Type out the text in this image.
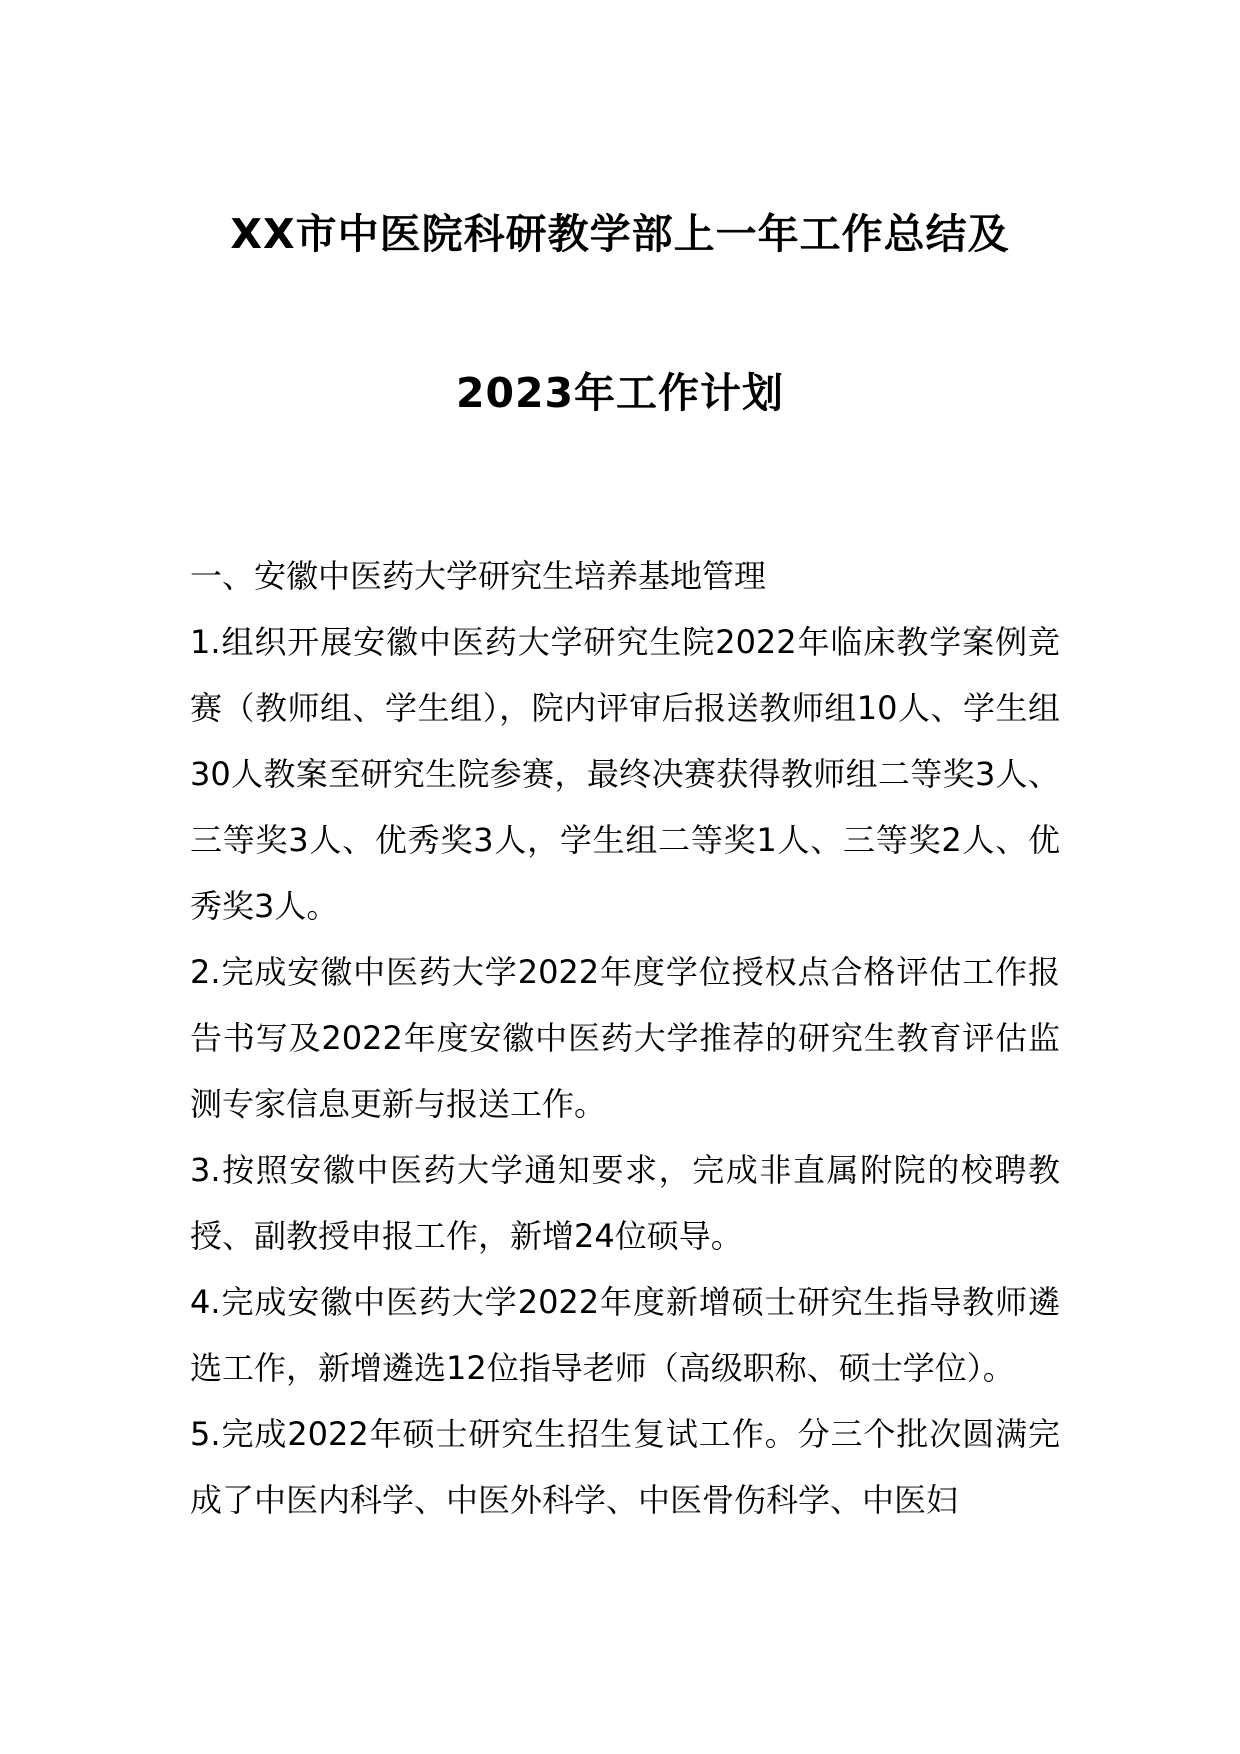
XX市中医院科研教学部上一年工作总结及
2023年工作计划

一、安徽中医药大学研究生培养基地管理

1.组织开展安徽中医药大学研究生院2022年临床教学案例竞赛（教师组、学生组），院内评审后报送教师组10人、学生组30人教案至研究生院参赛，最终决赛获得教师组二等奖3人、三等奖3人、优秀奖3人，学生组二等奖1人、三等奖2人、优秀奖3人。

2.完成安徽中医药大学2022年度学位授权点合格评估工作报告书写及2022年度安徽中医药大学推荐的研究生教育评估监测专家信息更新与报送工作。

3.按照安徽中医药大学通知要求，完成非直属附院的校聘教授、副教授申报工作，新增24位硕导。

4.完成安徽中医药大学2022年度新增硕士研究生指导教师遴选工作，新增遴选12位指导老师（高级职称、硕士学位）。

5.完成2022年硕士研究生招生复试工作。分三个批次圆满完成了中医内科学、中医外科学、中医骨伤科学、中医妇
